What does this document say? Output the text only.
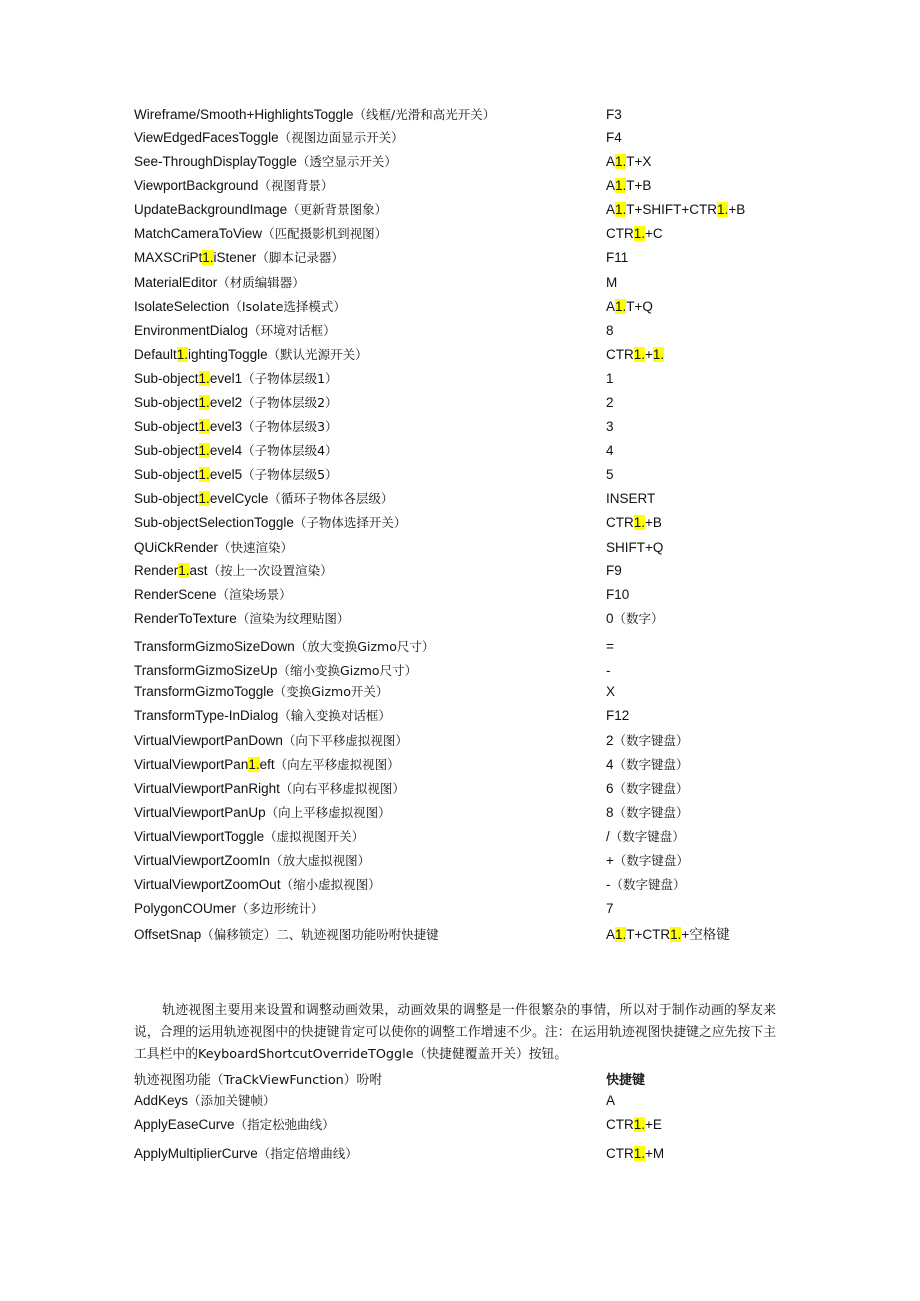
Wireframe/Smooth+HighlightsToggle（线框/光滑和高光开关）	F3
ViewEdgedFacesToggle（视图边面显示开关）	F4
See-ThroughDisplayToggle（透空显示开关）	A1.T+X
ViewportBackground（视图背景）	A1.T+B
UpdateBackgroundImage（更新背景图象）	A1.T+SHIFT+CTR1.+B
MatchCameraToView（匹配摄影机到视图）	CTR1.+C
MAXSCriPt1.iStener（脚本记录器）	F11
MaterialEditor（材质编辑器）	M
IsolateSelection（Isolate选择模式）	A1.T+Q
EnvironmentDialog（环境对话框）	8
Default1.ightingToggle（默认光源开关）	CTR1.+1.
Sub-object1.evel1（子物体层级1）	1
Sub-object1.evel2（子物体层级2）	2
Sub-object1.evel3（子物体层级3）	3
Sub-object1.evel4（子物体层级4）	4
Sub-object1.evel5（子物体层级5）	5
Sub-object1.evelCycle（循环子物体各层级）	INSERT
Sub-objectSelectionToggle（子物体选择开关）	CTR1.+B
QUiCkRender（快速渲染）	SHIFT+Q
Render1.ast（按上一次设置渲染）	F9
RenderScene（渲染场景）	F10
RenderToTexture（渲染为纹理贴图）	0（数字）
TransformGizmoSizeDown（放大变换Gizmo尺寸）	=
TransformGizmoSizeUp（缩小变换Gizmo尺寸）	-
TransformGizmoToggle（变换Gizmo开关）	X
TransformType-InDialog（输入变换对话框）	F12
VirtualViewportPanDown（向下平移虚拟视图）	2（数字键盘）
VirtualViewportPan1.eft（向左平移虚拟视图）	4（数字键盘）
VirtualViewportPanRight（向右平移虚拟视图）	6（数字键盘）
VirtualViewportPanUp（向上平移虚拟视图）	8（数字键盘）
VirtualViewportToggle（虚拟视图开关）	/（数字键盘）
VirtualViewportZoomIn（放大虚拟视图）	+（数字键盘）
VirtualViewportZoomOut（缩小虚拟视图）	-（数字键盘）
PolygonCOUmer（多边形统计）	7
OffsetSnap（偏移锁定）二、轨迹视图功能吩咐快捷键	A1.T+CTR1.+空格键

轨迹视图主要用来设置和调整动画效果，动画效果的调整是一件很繁杂的事情，所以对于制作动画的孥友来说，合理的运用轨迹视图中的快捷键肯定可以使你的调整工作增速不少。注：在运用轨迹视图快捷键之应先按下主工具栏中的KeyboardShortcutOverrideTOggle（快捷健覆盖开关）按钮。

轨迹视图功能（TraCkViewFunction）吩咐	快捷键
AddKeys（添加关键帧）	A
ApplyEaseCurve（指定松弛曲线）	CTR1.+E
ApplyMultiplierCurve（指定倍增曲线）	CTR1.+M
